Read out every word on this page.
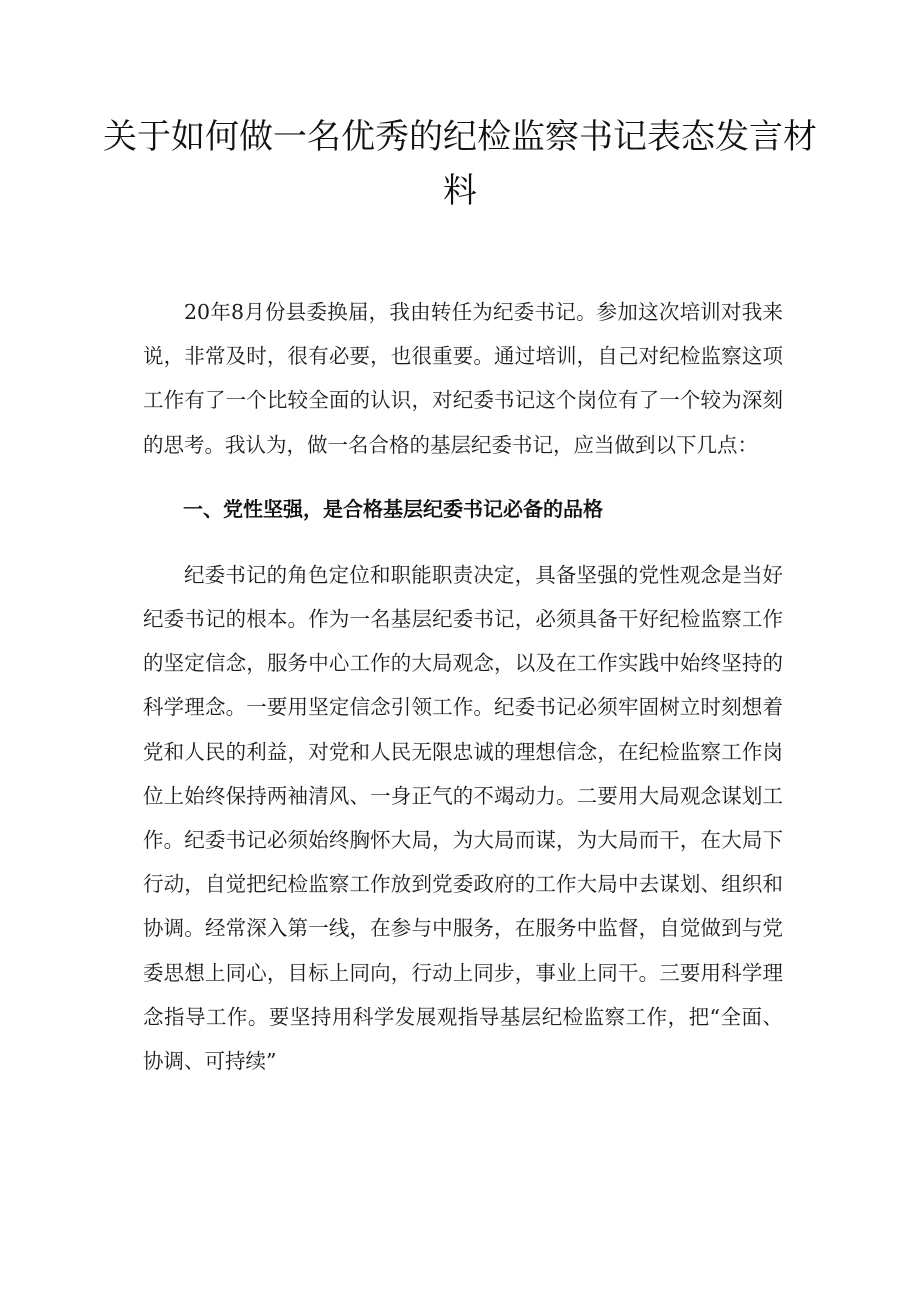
关于如何做一名优秀的纪检监察书记表态发言材料

20年8月份县委换届，我由转任为纪委书记。参加这次培训对我来说，非常及时，很有必要，也很重要。通过培训，自己对纪检监察这项工作有了一个比较全面的认识，对纪委书记这个岗位有了一个较为深刻的思考。我认为，做一名合格的基层纪委书记，应当做到以下几点：

一、党性坚强，是合格基层纪委书记必备的品格

纪委书记的角色定位和职能职责决定，具备坚强的党性观念是当好纪委书记的根本。作为一名基层纪委书记，必须具备干好纪检监察工作的坚定信念，服务中心工作的大局观念，以及在工作实践中始终坚持的科学理念。一要用坚定信念引领工作。纪委书记必须牢固树立时刻想着党和人民的利益，对党和人民无限忠诚的理想信念，在纪检监察工作岗位上始终保持两袖清风、一身正气的不竭动力。二要用大局观念谋划工作。纪委书记必须始终胸怀大局，为大局而谋，为大局而干，在大局下行动，自觉把纪检监察工作放到党委政府的工作大局中去谋划、组织和协调。经常深入第一线，在参与中服务，在服务中监督，自觉做到与党委思想上同心，目标上同向，行动上同步，事业上同干。三要用科学理念指导工作。要坚持用科学发展观指导基层纪检监察工作，把“全面、协调、可持续”
